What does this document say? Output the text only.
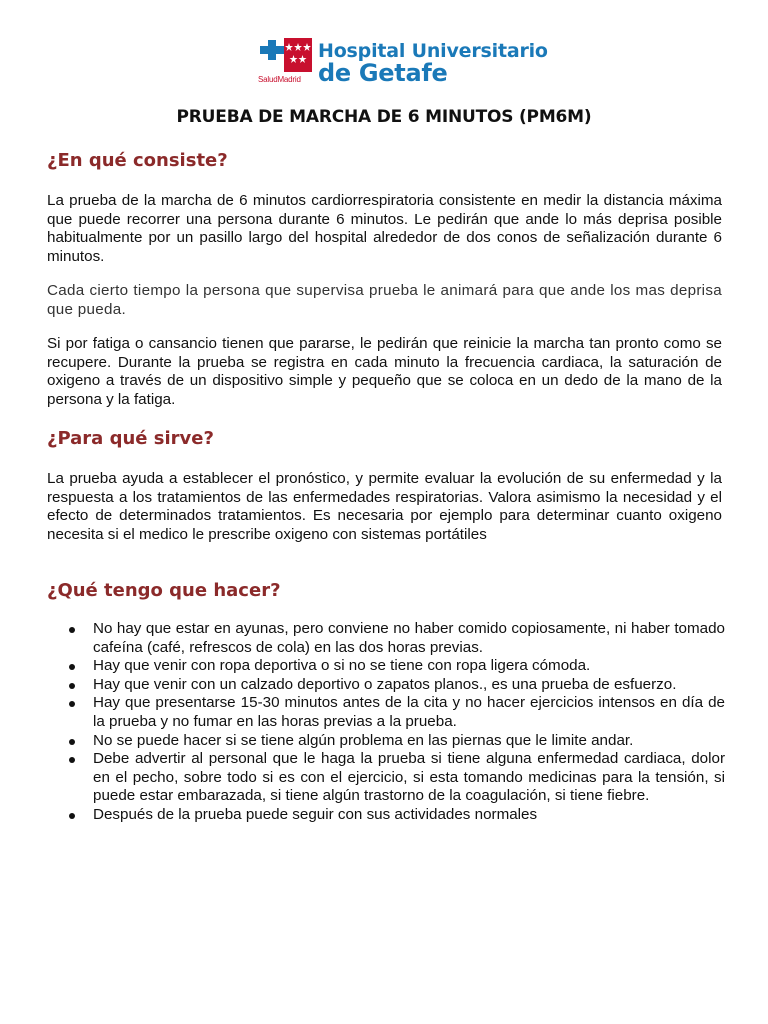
SaludMadrid
Hospital Universitario
de Getafe
PRUEBA DE MARCHA DE 6 MINUTOS (PM6M)
¿En qué consiste?

La prueba de la marcha de 6 minutos cardiorrespiratoria consistente en medir la distancia máxima que puede recorrer una persona durante 6 minutos. Le pedirán que ande lo más deprisa posible habitualmente por un pasillo largo del hospital alrededor de dos conos de señalización durante 6 minutos.

Cada cierto tiempo la persona que supervisa prueba le animará para que ande los mas deprisa que pueda.

Si por fatiga o cansancio tienen que pararse, le pedirán que reinicie la marcha tan pronto como se recupere. Durante la prueba se registra en cada minuto la frecuencia cardiaca, la saturación de oxigeno a través de un dispositivo simple y pequeño que se coloca en un dedo de la mano de la persona y la fatiga.

¿Para qué sirve?

La prueba ayuda a establecer el pronóstico, y permite evaluar la evolución de su enfermedad y la respuesta a los tratamientos de las enfermedades respiratorias. Valora asimismo la necesidad y el efecto de determinados tratamientos. Es necesaria por ejemplo para determinar cuanto oxigeno necesita si el medico le prescribe oxigeno con sistemas portátiles

¿Qué tengo que hacer?
No hay que estar en ayunas, pero conviene no haber comido copiosamente, ni haber tomado cafeína (café, refrescos de cola) en las dos horas previas.
Hay que venir con ropa deportiva o si no se tiene con ropa ligera cómoda.
Hay que venir con un calzado deportivo o zapatos planos., es una prueba de esfuerzo.
Hay que presentarse 15-30 minutos antes de la cita y no hacer ejercicios intensos en día de la prueba y no fumar en las horas previas a la prueba.
No se puede hacer si se tiene algún problema en las piernas que le limite andar.
Debe advertir al personal que le haga la prueba si tiene alguna enfermedad cardiaca, dolor en el pecho, sobre todo si es con el ejercicio, si esta tomando medicinas para la tensión, si puede estar embarazada, si tiene algún trastorno de la coagulación, si tiene fiebre.
Después de la prueba puede seguir con sus actividades normales
